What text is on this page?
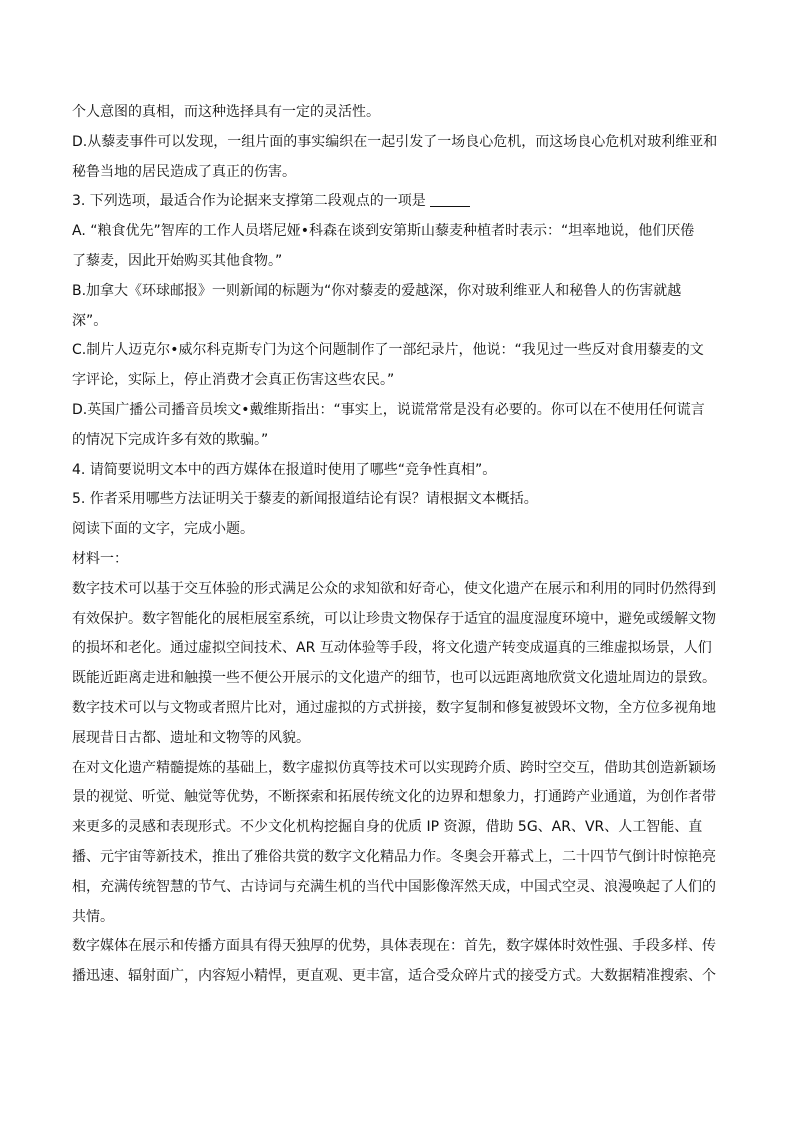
个人意图的真相，而这种选择具有一定的灵活性。
D.从藜麦事件可以发现，一组片面的事实编织在一起引发了一场良心危机，而这场良心危机对玻利维亚和
秘鲁当地的居民造成了真正的伤害。
3. 下列选项，最适合作为论据来支撑第二段观点的一项是
A. “粮食优先”智库的工作人员塔尼娅•科森在谈到安第斯山藜麦种植者时表示：“坦率地说，他们厌倦
了藜麦，因此开始购买其他食物。”
B.加拿大《环球邮报》一则新闻的标题为“你对藜麦的爱越深，你对玻利维亚人和秘鲁人的伤害就越
深”。
C.制片人迈克尔•威尔科克斯专门为这个问题制作了一部纪录片，他说：“我见过一些反对食用藜麦的文
字评论，实际上，停止消费才会真正伤害这些农民。”
D.英国广播公司播音员埃文•戴维斯指出：“事实上，说谎常常是没有必要的。你可以在不使用任何谎言
的情况下完成许多有效的欺骗。”
4. 请简要说明文本中的西方媒体在报道时使用了哪些“竞争性真相”。
5. 作者采用哪些方法证明关于藜麦的新闻报道结论有误？请根据文本概括。
阅读下面的文字，完成小题。
材料一：
数字技术可以基于交互体验的形式满足公众的求知欲和好奇心，使文化遗产在展示和利用的同时仍然得到
有效保护。数字智能化的展柜展室系统，可以让珍贵文物保存于适宜的温度湿度环境中，避免或缓解文物
的损坏和老化。通过虚拟空间技术、AR 互动体验等手段，将文化遗产转变成逼真的三维虚拟场景，人们
既能近距离走进和触摸一些不便公开展示的文化遗产的细节，也可以远距离地欣赏文化遗址周边的景致。
数字技术可以与文物或者照片比对，通过虚拟的方式拼接，数字复制和修复被毁坏文物，全方位多视角地
展现昔日古都、遗址和文物等的风貌。
在对文化遗产精髓提炼的基础上，数字虚拟仿真等技术可以实现跨介质、跨时空交互，借助其创造新颖场
景的视觉、听觉、触觉等优势，不断探索和拓展传统文化的边界和想象力，打通跨产业通道，为创作者带
来更多的灵感和表现形式。不少文化机构挖掘自身的优质 IP 资源，借助 5G、AR、VR、人工智能、直
播、元宇宙等新技术，推出了雅俗共赏的数字文化精品力作。冬奥会开幕式上，二十四节气倒计时惊艳亮
相，充满传统智慧的节气、古诗词与充满生机的当代中国影像浑然天成，中国式空灵、浪漫唤起了人们的
共情。
数字媒体在展示和传播方面具有得天独厚的优势，具体表现在：首先，数字媒体时效性强、手段多样、传
播迅速、辐射面广，内容短小精悍，更直观、更丰富，适合受众碎片式的接受方式。大数据精准搜索、个
